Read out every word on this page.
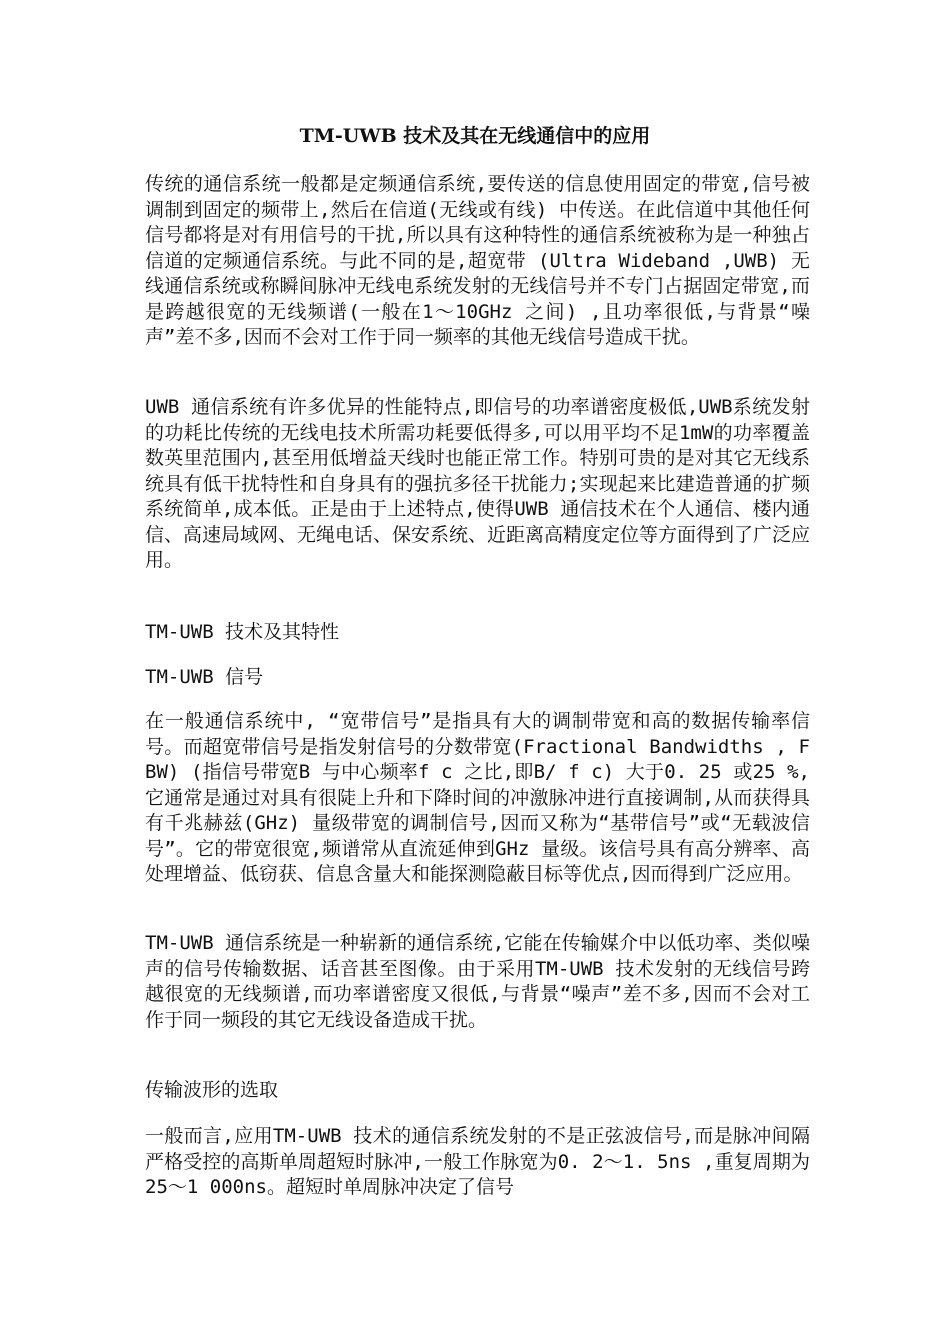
TM-UWB 技术及其在无线通信中的应用

传统的通信系统一般都是定频通信系统,要传送的信息使用固定的带宽,信号被调制到固定的频带上,然后在信道(无线或有线) 中传送。在此信道中其他任何信号都将是对有用信号的干扰,所以具有这种特性的通信系统被称为是一种独占信道的定频通信系统。与此不同的是,超宽带 (Ultra Wideband ,UWB) 无线通信系统或称瞬间脉冲无线电系统发射的无线信号并不专门占据固定带宽,而是跨越很宽的无线频谱(一般在1～10GHz 之间) ,且功率很低,与背景“噪声”差不多,因而不会对工作于同一频率的其他无线信号造成干扰。

UWB 通信系统有许多优异的性能特点,即信号的功率谱密度极低,UWB系统发射的功耗比传统的无线电技术所需功耗要低得多,可以用平均不足1mW的功率覆盖数英里范围内,甚至用低增益天线时也能正常工作。特别可贵的是对其它无线系统具有低干扰特性和自身具有的强抗多径干扰能力;实现起来比建造普通的扩频系统简单,成本低。正是由于上述特点,使得UWB 通信技术在个人通信、楼内通信、高速局域网、无绳电话、保安系统、近距离高精度定位等方面得到了广泛应用。

TM-UWB 技术及其特性

TM-UWB 信号

在一般通信系统中, “宽带信号”是指具有大的调制带宽和高的数据传输率信号。而超宽带信号是指发射信号的分数带宽(Fractional Bandwidths , FBW) (指信号带宽B 与中心频率f c 之比,即B/ f c) 大于0. 25 或25 %,它通常是通过对具有很陡上升和下降时间的冲激脉冲进行直接调制,从而获得具有千兆赫兹(GHz) 量级带宽的调制信号,因而又称为“基带信号”或“无载波信号”。它的带宽很宽,频谱常从直流延伸到GHz 量级。该信号具有高分辨率、高处理增益、低窃获、信息含量大和能探测隐蔽目标等优点,因而得到广泛应用。

TM-UWB 通信系统是一种崭新的通信系统,它能在传输媒介中以低功率、类似噪声的信号传输数据、话音甚至图像。由于采用TM-UWB 技术发射的无线信号跨越很宽的无线频谱,而功率谱密度又很低,与背景“噪声”差不多,因而不会对工作于同一频段的其它无线设备造成干扰。

传输波形的选取

一般而言,应用TM-UWB 技术的通信系统发射的不是正弦波信号,而是脉冲间隔严格受控的高斯单周超短时脉冲,一般工作脉宽为0. 2～1. 5ns ,重复周期为25～1 000ns。超短时单周脉冲决定了信号
